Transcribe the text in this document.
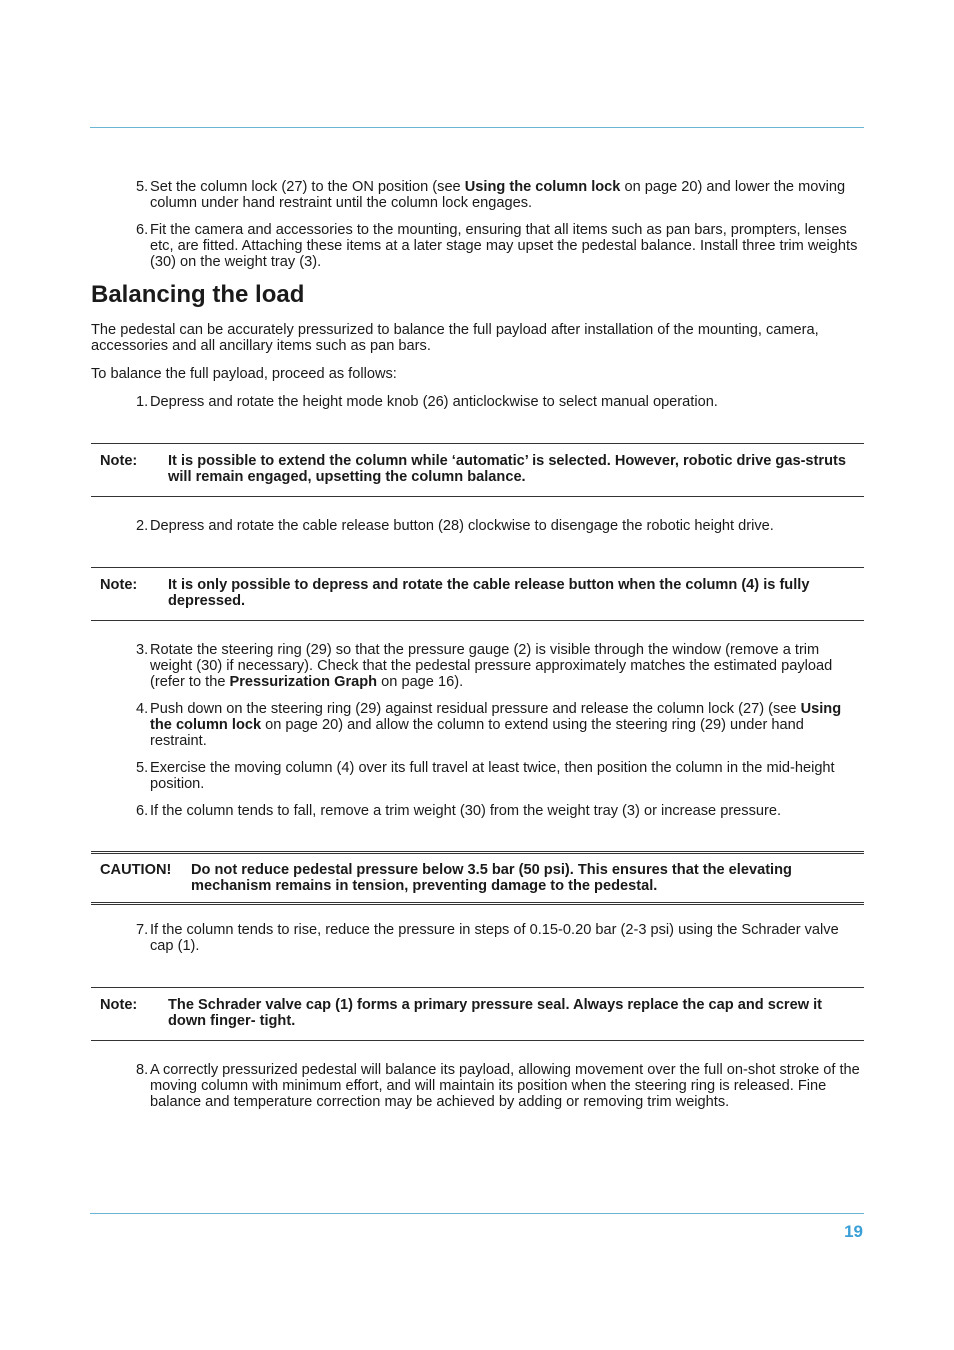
5. Set the column lock (27) to the ON position (see Using the column lock on page 20) and lower the moving column under hand restraint until the column lock engages.
6. Fit the camera and accessories to the mounting, ensuring that all items such as pan bars, prompters, lenses etc, are fitted. Attaching these items at a later stage may upset the pedestal balance. Install three trim weights (30) on the weight tray (3).
Balancing the load
The pedestal can be accurately pressurized to balance the full payload after installation of the mounting, camera, accessories and all ancillary items such as pan bars.
To balance the full payload, proceed as follows:
1. Depress and rotate the height mode knob (26) anticlockwise to select manual operation.
Note:	It is possible to extend the column while ‘automatic’ is selected. However, robotic drive gas-struts will remain engaged, upsetting the column balance.
2. Depress and rotate the cable release button (28) clockwise to disengage the robotic height drive.
Note:	It is only possible to depress and rotate the cable release button when the column (4) is fully depressed.
3. Rotate the steering ring (29) so that the pressure gauge (2) is visible through the window (remove a trim weight (30) if necessary). Check that the pedestal pressure approximately matches the estimated payload (refer to the Pressurization Graph on page 16).
4. Push down on the steering ring (29) against residual pressure and release the column lock (27) (see Using the column lock on page 20) and allow the column to extend using the steering ring (29) under hand restraint.
5. Exercise the moving column (4) over its full travel at least twice, then position the column in the mid-height position.
6. If the column tends to fall, remove a trim weight (30) from the weight tray (3) or increase pressure.
CAUTION!	Do not reduce pedestal pressure below 3.5 bar (50 psi). This ensures that the elevating mechanism remains in tension, preventing damage to the pedestal.
7. If the column tends to rise, reduce the pressure in steps of 0.15-0.20 bar (2-3 psi) using the Schrader valve cap (1).
Note:	The Schrader valve cap (1) forms a primary pressure seal. Always replace the cap and screw it down finger- tight.
8. A correctly pressurized pedestal will balance its payload, allowing movement over the full on-shot stroke of the moving column with minimum effort, and will maintain its position when the steering ring is released. Fine balance and temperature correction may be achieved by adding or removing trim weights.
19
